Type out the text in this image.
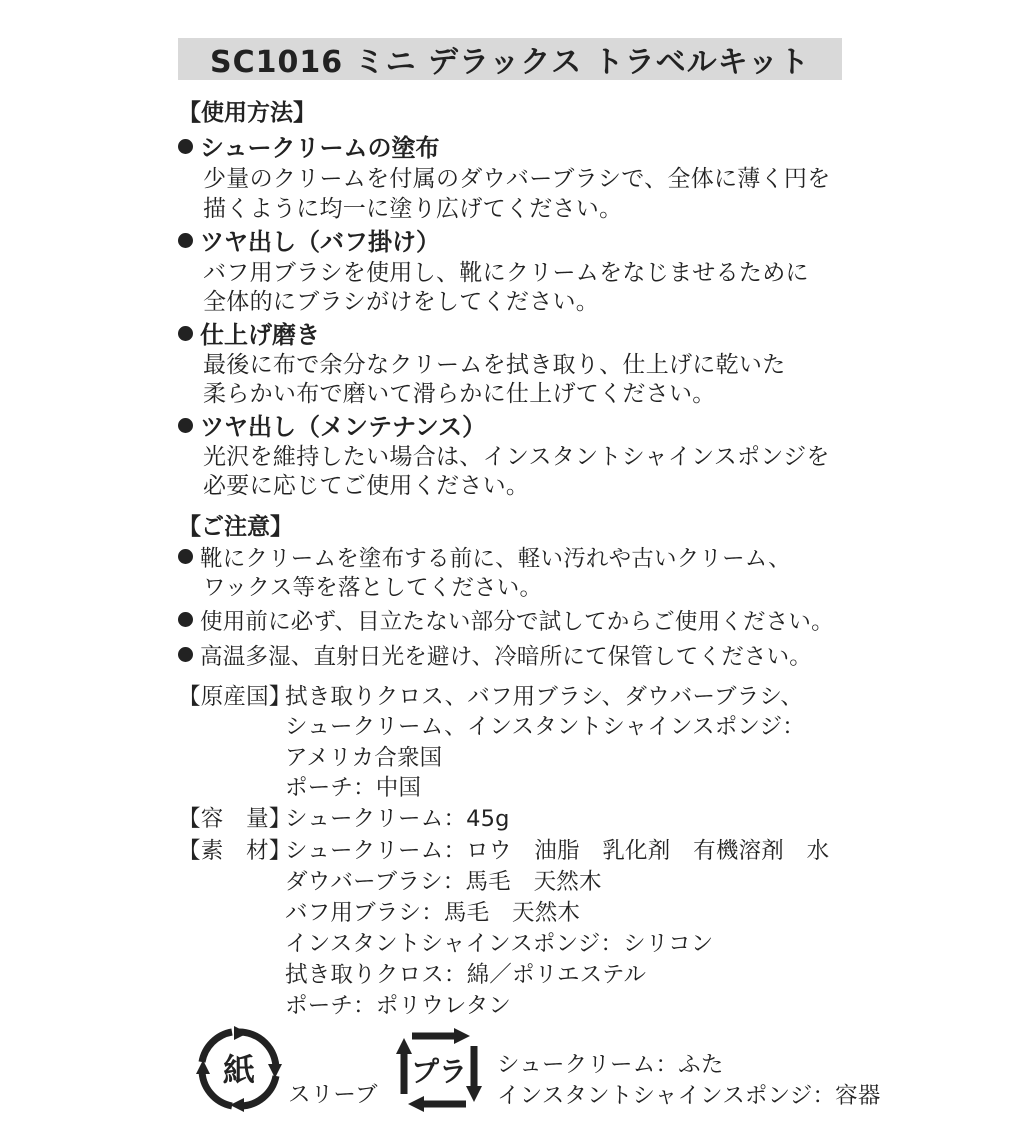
SC1016 ミニ デラックス トラベルキット
【使用方法】
シュークリームの塗布
少量のクリームを付属のダウバーブラシで、全体に薄く円を
描くように均一に塗り広げてください。
ツヤ出し（バフ掛け）
バフ用ブラシを使用し、靴にクリームをなじませるために
全体的にブラシがけをしてください。
仕上げ磨き
最後に布で余分なクリームを拭き取り、仕上げに乾いた
柔らかい布で磨いて滑らかに仕上げてください。
ツヤ出し（メンテナンス）
光沢を維持したい場合は、インスタントシャインスポンジを
必要に応じてご使用ください。
【ご注意】
靴にクリームを塗布する前に、軽い汚れや古いクリーム、
ワックス等を落としてください。
使用前に必ず、目立たない部分で試してからご使用ください。
高温多湿、直射日光を避け、冷暗所にて保管してください。
【原産国】
拭き取りクロス、バフ用ブラシ、ダウバーブラシ、
シュークリーム、インスタントシャインスポンジ：
アメリカ合衆国
ポーチ：中国
【容　量】
シュークリーム：45g
【素　材】
シュークリーム：ロウ　油脂　乳化剤　有機溶剤　水
ダウバーブラシ：馬毛　天然木
バフ用ブラシ：馬毛　天然木
インスタントシャインスポンジ：シリコン
拭き取りクロス：綿／ポリエステル
ポーチ：ポリウレタン
紙
スリーブ
プラ シュークリーム：ふた
インスタントシャインスポンジ：容器
